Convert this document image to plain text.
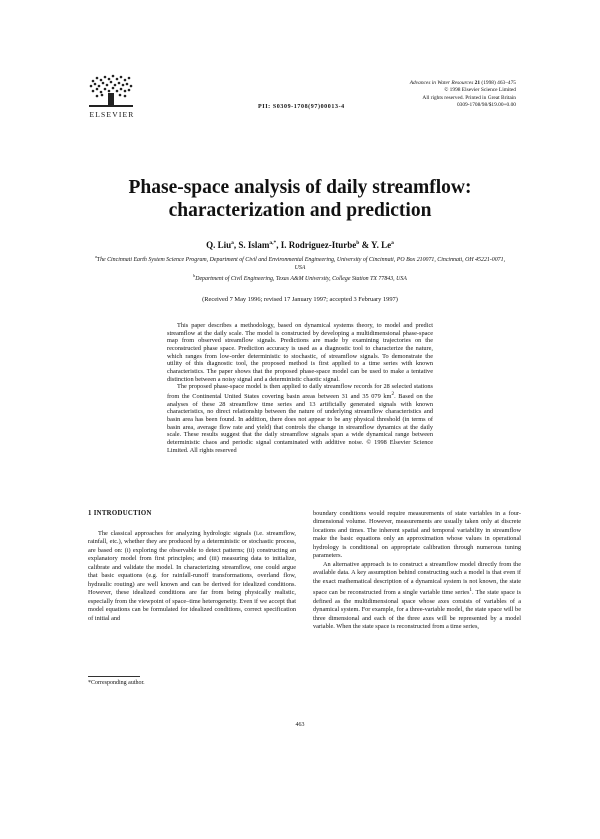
ELSEVIER
PII: S0309-1708(97)00013-4
Advances in Water Resources 21 (1998) 463–475
© 1998 Elsevier Science Limited
All rights reserved. Printed in Great Britain
0309-1708/98/$19.00+0.00
Phase-space analysis of daily streamflow:
characterization and prediction
Q. Liu$^a$, S. Islam$^{a,*}$, I. Rodriguez-Iturbe$^b$ & Y. Le$^a$
$^a$The Cincinnati Earth System Science Program, Department of Civil and Environmental Engineering, University of Cincinnati, PO Box 210071, Cincinnati, OH 45221-0071, USA
$^b$Department of Civil Engineering, Texas A&M University, College Station TX 77843, USA
(Received 7 May 1996; revised 17 January 1997; accepted 3 February 1997)

This paper describes a methodology, based on dynamical systems theory, to model and predict streamflow at the daily scale. The model is constructed by developing a multidimensional phase-space map from observed streamflow signals. Predictions are made by examining trajectories on the reconstructed phase space. Prediction accuracy is used as a diagnostic tool to characterize the nature, which ranges from low-order deterministic to stochastic, of streamflow signals. To demonstrate the utility of this diagnostic tool, the proposed method is first applied to a time series with known characteristics. The paper shows that the proposed phase-space model can be used to make a tentative distinction between a noisy signal and a deterministic chaotic signal.

The proposed phase-space model is then applied to daily streamflow records for 28 selected stations from the Continental United States covering basin areas between 31 and 35 079 $km^2$. Based on the analyses of these 28 streamflow time series and 13 artificially generated signals with known characteristics, no direct relationship between the nature of underlying streamflow characteristics and basin area has been found. In addition, there does not appear to be any physical threshold (in terms of basin area, average flow rate and yield) that controls the change in streamflow dynamics at the daily scale. These results suggest that the daily streamflow signals span a wide dynamical range between deterministic chaos and periodic signal contaminated with additive noise. © 1998 Elsevier Science Limited. All rights reserved

1 INTRODUCTION

The classical approaches for analyzing hydrologic signals (i.e. streamflow, rainfall, etc.), whether they are produced by a deterministic or stochastic process, are based on: (i) exploring the observable to detect patterns; (ii) constructing an explanatory model from first principles; and (iii) measuring data to initialize, calibrate and validate the model. In characterizing streamflow, one could argue that basic equations (e.g. for rainfall-runoff transformations, overland flow, hydraulic routing) are well known and can be derived for idealized conditions. However, these idealized conditions are far from being physically realistic, especially from the viewpoint of space–time heterogeneity. Even if we accept that model equations can be formulated for idealized conditions, correct specification of initial and

boundary conditions would require measurements of state variables in a four-dimensional volume. However, measurements are usually taken only at discrete locations and times. The inherent spatial and temporal variability in streamflow make the basic equations only an approximation whose values in operational hydrology is conditional on appropriate calibration through numerous tuning parameters.

An alternative approach is to construct a streamflow model directly from the available data. A key assumption behind constructing such a model is that even if the exact mathematical description of a dynamical system is not known, the state space can be reconstructed from a single variable time series$^1$. The state space is defined as the multidimensional space whose axes consists of variables of a dynamical system. For example, for a three-variable model, the state space will be three dimensional and each of the three axes will be represented by a model variable. When the state space is reconstructed from a time series,

*Corresponding author.
463
